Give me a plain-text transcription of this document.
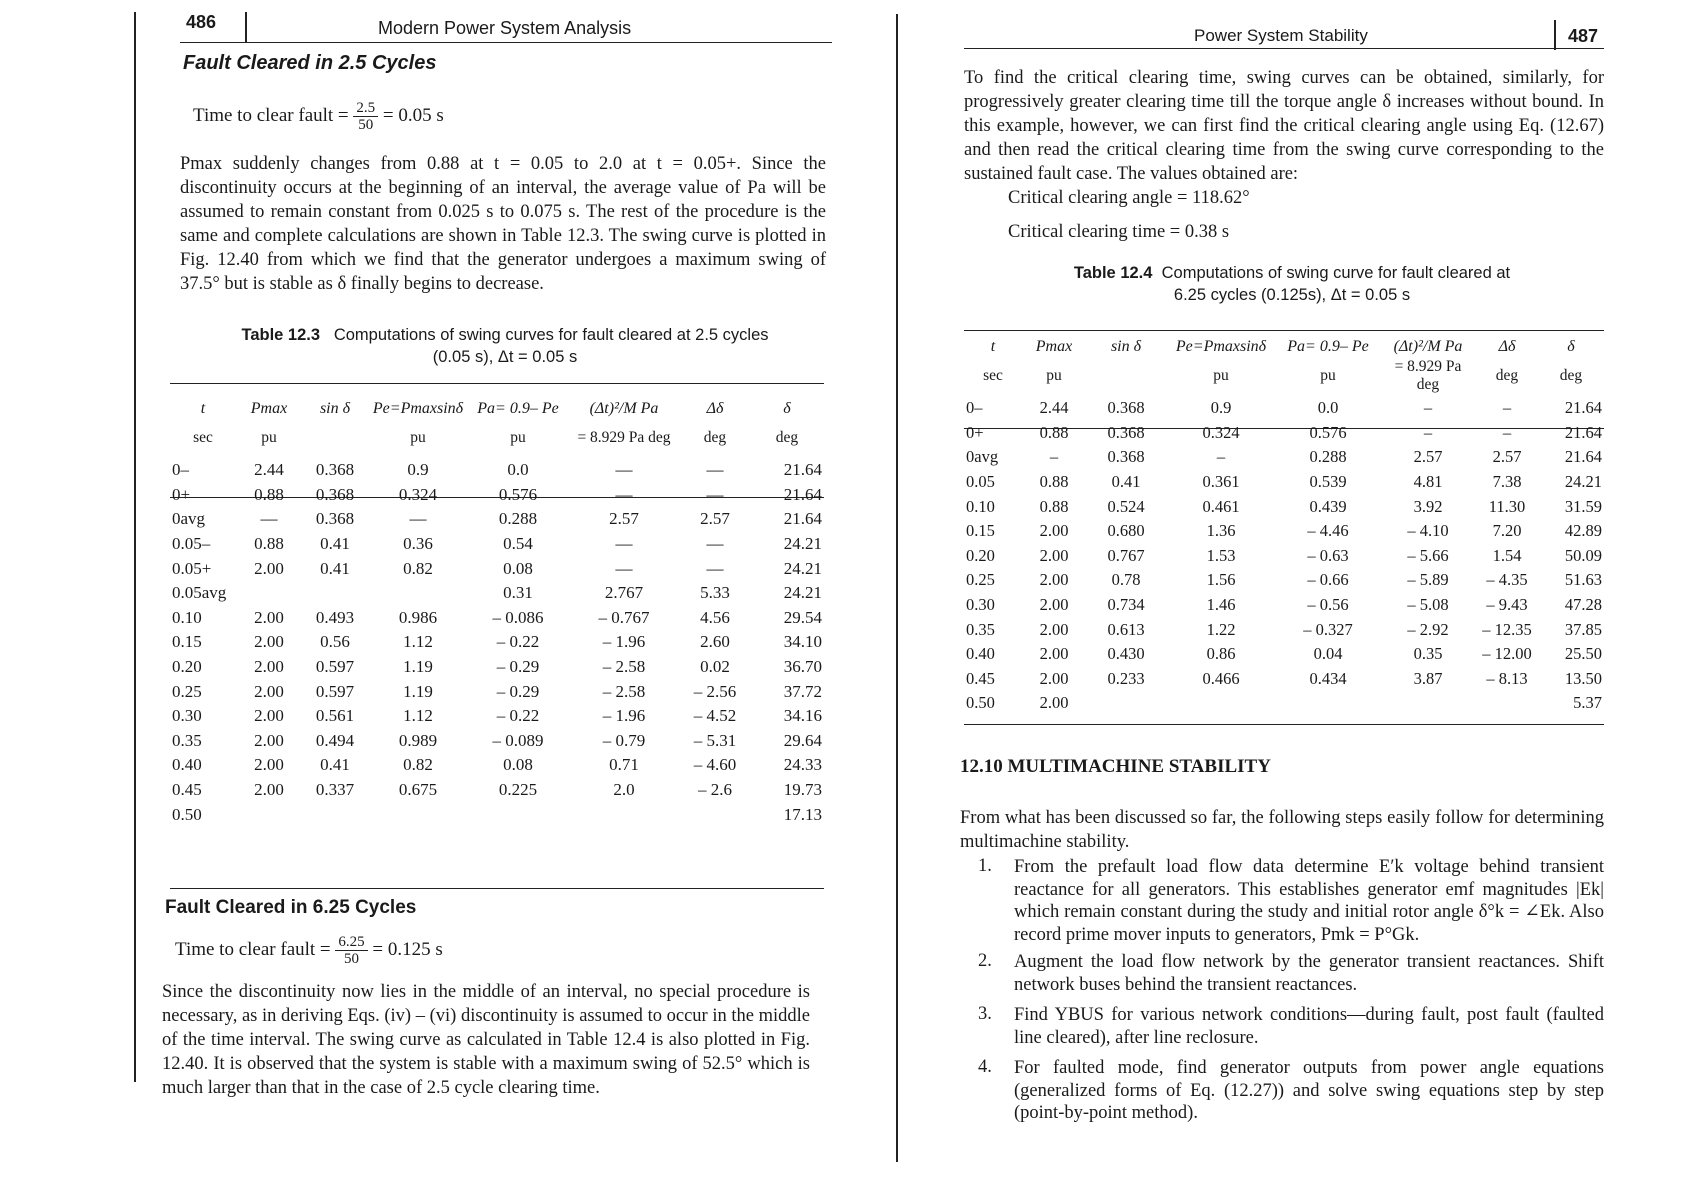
486	Modern Power System Analysis
Fault Cleared in 2.5 Cycles
Time to clear fault = $\frac{2.5}{50} = 0.05$ s
Pmax suddenly changes from 0.88 at t = 0.05 to 2.0 at t = 0.05+. Since the discontinuity occurs at the beginning of an interval, the average value of Pa will be assumed to remain constant from 0.025 s to 0.075 s. The rest of the procedure is the same and complete calculations are shown in Table 12.3. The swing curve is plotted in Fig. 12.40 from which we find that the generator undergoes a maximum swing of 37.5° but is stable as δ finally begins to decrease.
Table 12.3 Computations of swing curves for fault cleared at 2.5 cycles
(0.05 s), Δt = 0.05 s
t	Pmax	sin δ	Pe=Pmaxsinδ	Pa= 0.9– Pe	(Δt)²/M Pa	Δδ	δ
sec	pu		pu	pu	= 8.929 Pa deg	deg	deg
0–	2.44	0.368	0.9	0.0	—	—	21.64
0+	0.88	0.368	0.324	0.576	—	—	21.64
0avg	—	0.368	—	0.288	2.57	2.57	21.64
0.05–	0.88	0.41	0.36	0.54	—	—	24.21
0.05+	2.00	0.41	0.82	0.08	—	—	24.21
0.05avg				0.31	2.767	5.33	24.21
0.10	2.00	0.493	0.986	– 0.086	– 0.767	4.56	29.54
0.15	2.00	0.56	1.12	– 0.22	– 1.96	2.60	34.10
0.20	2.00	0.597	1.19	– 0.29	– 2.58	0.02	36.70
0.25	2.00	0.597	1.19	– 0.29	– 2.58	– 2.56	37.72
0.30	2.00	0.561	1.12	– 0.22	– 1.96	– 4.52	34.16
0.35	2.00	0.494	0.989	– 0.089	– 0.79	– 5.31	29.64
0.40	2.00	0.41	0.82	0.08	0.71	– 4.60	24.33
0.45	2.00	0.337	0.675	0.225	2.0	– 2.6	19.73
0.50							17.13
Fault Cleared in 6.25 Cycles
Time to clear fault = $\frac{6.25}{50} = 0.125$ s
Since the discontinuity now lies in the middle of an interval, no special procedure is necessary, as in deriving Eqs. (iv) – (vi) discontinuity is assumed to occur in the middle of the time interval. The swing curve as calculated in Table 12.4 is also plotted in Fig. 12.40. It is observed that the system is stable with a maximum swing of 52.5° which is much larger than that in the case of 2.5 cycle clearing time.
Power System Stability	487
To find the critical clearing time, swing curves can be obtained, similarly, for progressively greater clearing time till the torque angle δ increases without bound. In this example, however, we can first find the critical clearing angle using Eq. (12.67) and then read the critical clearing time from the swing curve corresponding to the sustained fault case. The values obtained are:
Critical clearing angle = 118.62°
Critical clearing time = 0.38 s
Table 12.4 Computations of swing curve for fault cleared at
6.25 cycles (0.125s), Δt = 0.05 s
t	Pmax	sin δ	Pe=Pmaxsinδ	Pa= 0.9– Pe	(Δt)²/M Pa	Δδ	δ
sec	pu		pu	pu	= 8.929 Pa deg	deg	deg
0–	2.44	0.368	0.9	0.0	–	–	21.64
0+	0.88	0.368	0.324	0.576	–	–	21.64
0avg	–	0.368	–	0.288	2.57	2.57	21.64
0.05	0.88	0.41	0.361	0.539	4.81	7.38	24.21
0.10	0.88	0.524	0.461	0.439	3.92	11.30	31.59
0.15	2.00	0.680	1.36	– 4.46	– 4.10	7.20	42.89
0.20	2.00	0.767	1.53	– 0.63	– 5.66	1.54	50.09
0.25	2.00	0.78	1.56	– 0.66	– 5.89	– 4.35	51.63
0.30	2.00	0.734	1.46	– 0.56	– 5.08	– 9.43	47.28
0.35	2.00	0.613	1.22	– 0.327	– 2.92	– 12.35	37.85
0.40	2.00	0.430	0.86	0.04	0.35	– 12.00	25.50
0.45	2.00	0.233	0.466	0.434	3.87	– 8.13	13.50
0.50	2.00						5.37
12.10 MULTIMACHINE STABILITY
From what has been discussed so far, the following steps easily follow for determining multimachine stability.
1. From the prefault load flow data determine E′k voltage behind transient reactance for all generators. This establishes generator emf magnitudes |Ek| which remain constant during the study and initial rotor angle δ°k = ∠Ek. Also record prime mover inputs to generators, Pmk = P°Gk.
2. Augment the load flow network by the generator transient reactances. Shift network buses behind the transient reactances.
3. Find YBUS for various network conditions—during fault, post fault (faulted line cleared), after line reclosure.
4. For faulted mode, find generator outputs from power angle equations (generalized forms of Eq. (12.27)) and solve swing equations step by step (point-by-point method).
